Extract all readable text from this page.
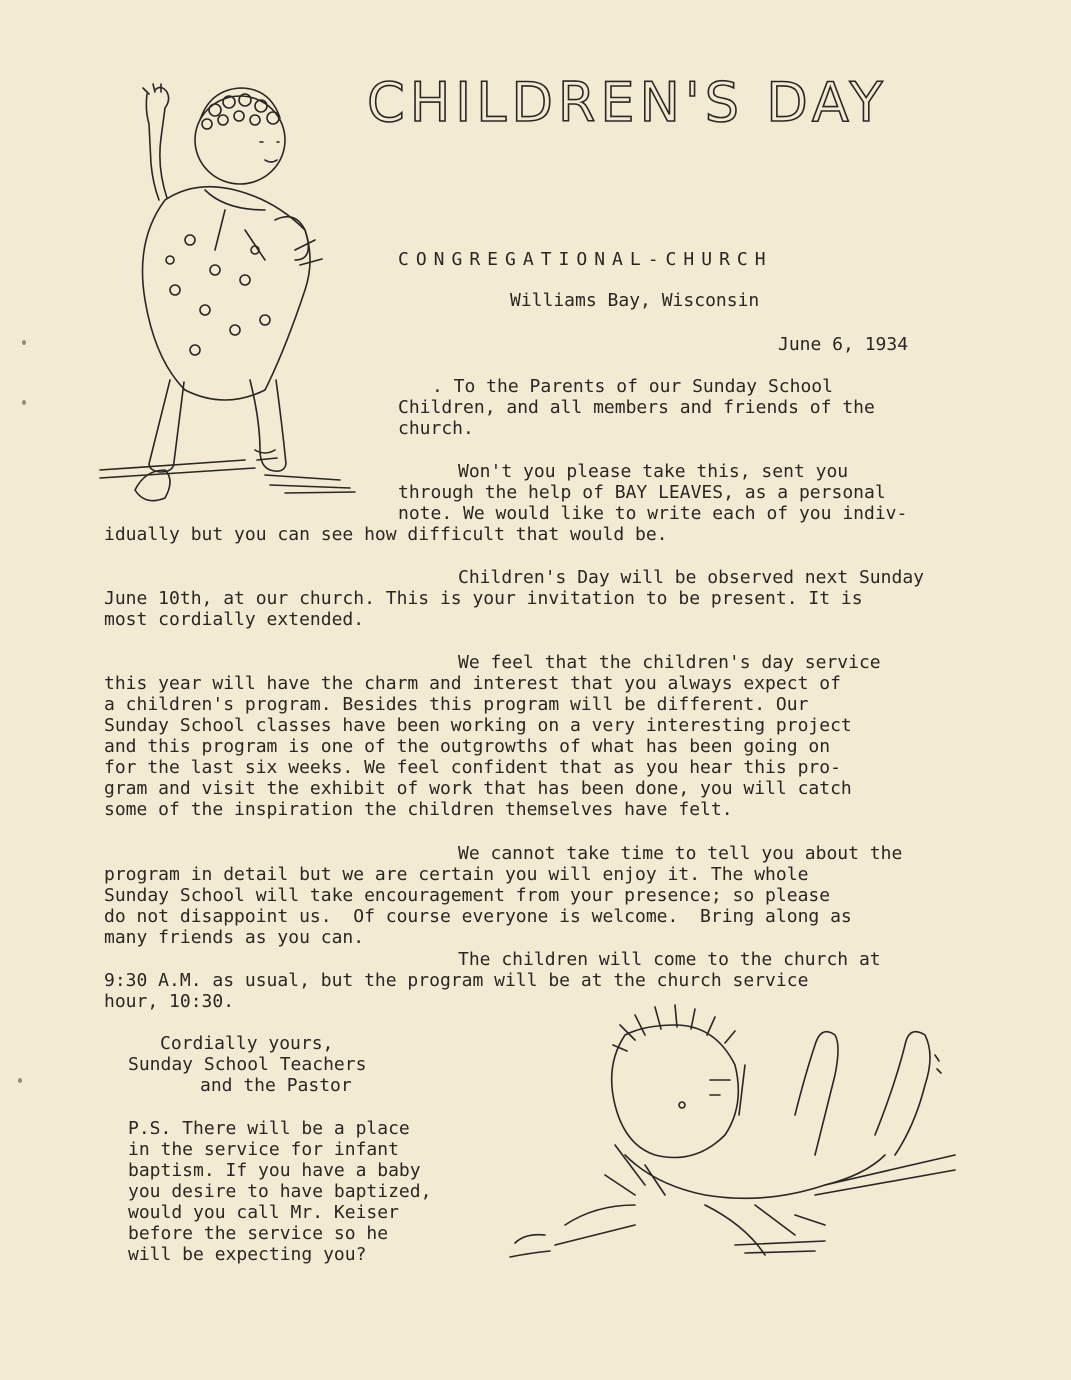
CHILDREN'S DAY
CONGREGATIONAL-CHURCH
Williams Bay, Wisconsin
June 6, 1934
. To the Parents of our Sunday School
Children, and all members and friends of the
church.
Won't you please take this, sent you
through the help of BAY LEAVES, as a personal
note. We would like to write each of you indiv-
idually but you can see how difficult that would be.
Children's Day will be observed next Sunday
June 10th, at our church. This is your invitation to be present. It is
most cordially extended.
We feel that the children's day service
this year will have the charm and interest that you always expect of
a children's program. Besides this program will be different. Our
Sunday School classes have been working on a very interesting project
and this program is one of the outgrowths of what has been going on
for the last six weeks. We feel confident that as you hear this pro-
gram and visit the exhibit of work that has been done, you will catch
some of the inspiration the children themselves have felt.
We cannot take time to tell you about the
program in detail but we are certain you will enjoy it. The whole
Sunday School will take encouragement from your presence; so please
do not disappoint us.  Of course everyone is welcome.  Bring along as
many friends as you can.
The children will come to the church at
9:30 A.M. as usual, but the program will be at the church service
hour, 10:30.
Cordially yours,
Sunday School Teachers
and the Pastor
P.S. There will be a place
in the service for infant
baptism. If you have a baby
you desire to have baptized,
would you call Mr. Keiser
before the service so he
will be expecting you?
